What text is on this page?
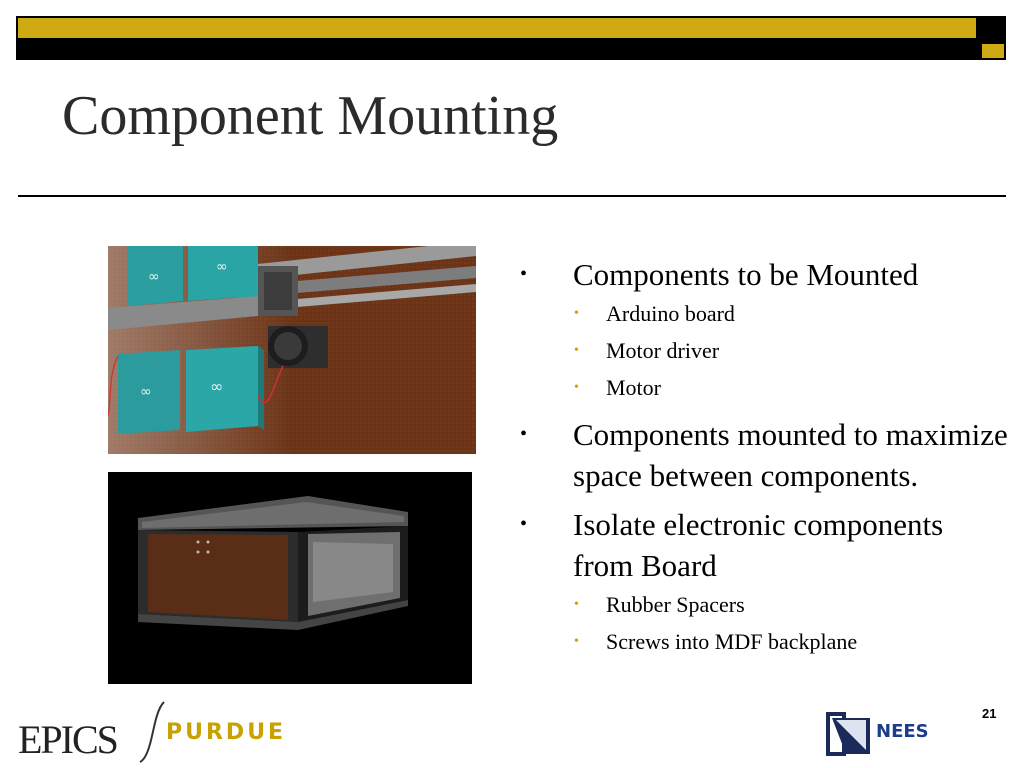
Component Mounting
∞
∞
∞	∞
• Components to be Mounted
• Arduino board
• Motor driver
• Motor
• Components mounted to maximize space between components.
• Isolate electronic components from Board
• Rubber Spacers
• Screws into MDF backplane
EPICS PURDUE
21
NEES
